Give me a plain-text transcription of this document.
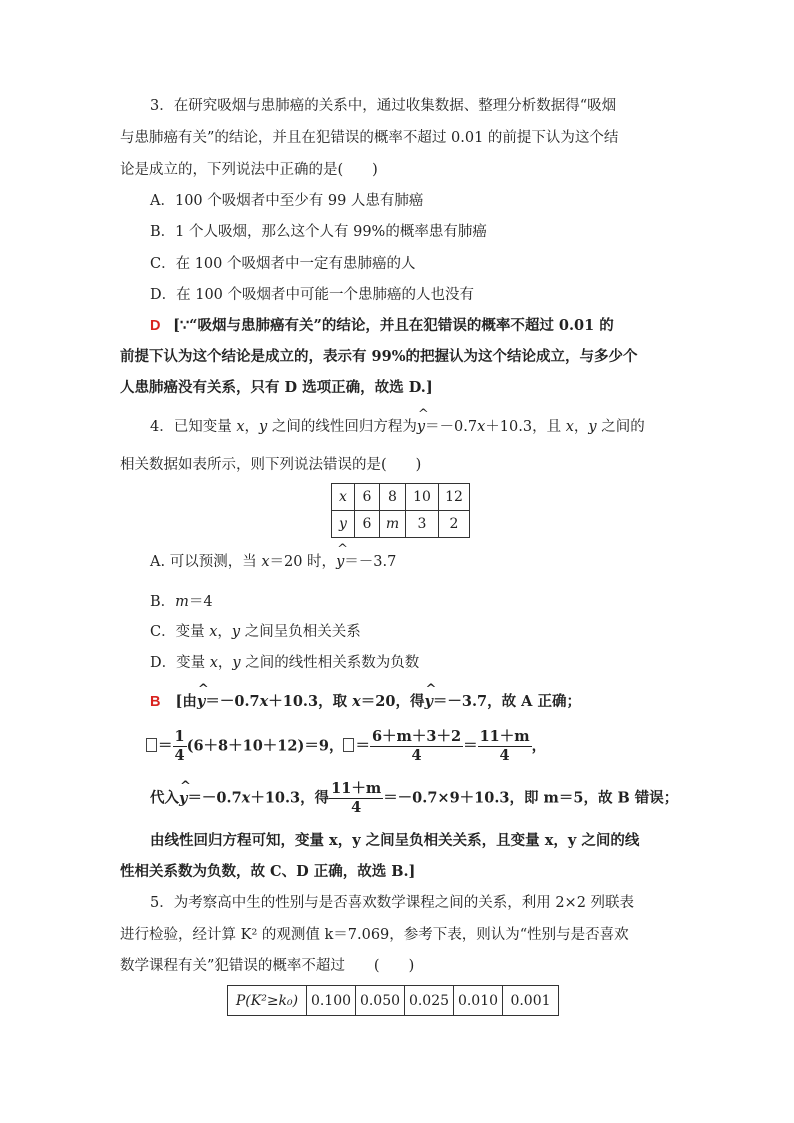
3．在研究吸烟与患肺癌的关系中，通过收集数据、整理分析数据得“吸烟
与患肺癌有关”的结论，并且在犯错误的概率不超过 0.01 的前提下认为这个结
论是成立的，下列说法中正确的是(　　)
A．100 个吸烟者中至少有 99 人患有肺癌
B．1 个人吸烟，那么这个人有 99%的概率患有肺癌
C．在 100 个吸烟者中一定有患肺癌的人
D．在 100 个吸烟者中可能一个患肺癌的人也没有
D [∵“吸烟与患肺癌有关”的结论，并且在犯错误的概率不超过 0.01 的
前提下认为这个结论是成立的，表示有 99%的把握认为这个结论成立，与多少个
人患肺癌没有关系，只有 D 选项正确，故选 D.]
4．已知变量 x，y 之间的线性回归方程为^ y＝－0.7x＋10.3，且 x，y 之间的
相关数据如表所示，则下列说法错误的是(　　)
x	6	8	10	12
y	6	m	3	2
A. 可以预测，当 x＝20 时，^ y＝－3.7
B．m＝4
C．变量 x，y 之间呈负相关关系
D．变量 x，y 之间的线性相关系数为负数
B [由^ y＝－0.7x＋10.3，取 x＝20，得^ y＝－3.7，故 A 正确；
＝ $\frac{1}{4} (6+8+10+12)=9$， ＝ $\frac{6+m+3+2}{4} = \frac{11+m}{4}$ ，
代入^ y＝－0.7x＋10.3，得 $\frac{11+m}{4} =-0.7\times 9+10.3$，即 m＝5，故 B 错误；
由线性回归方程可知，变量 x，y 之间呈负相关关系，且变量 x，y 之间的线
性相关系数为负数，故 C、D 正确，故选 B.]
5．为考察高中生的性别与是否喜欢数学课程之间的关系，利用 2×2 列联表
进行检验，经计算 K² 的观测值 k＝7.069，参考下表，则认为“性别与是否喜欢
数学课程有关”犯错误的概率不超过　　(　　)
P(K²≥k₀)	0.100	0.050	0.025	0.010	0.001
